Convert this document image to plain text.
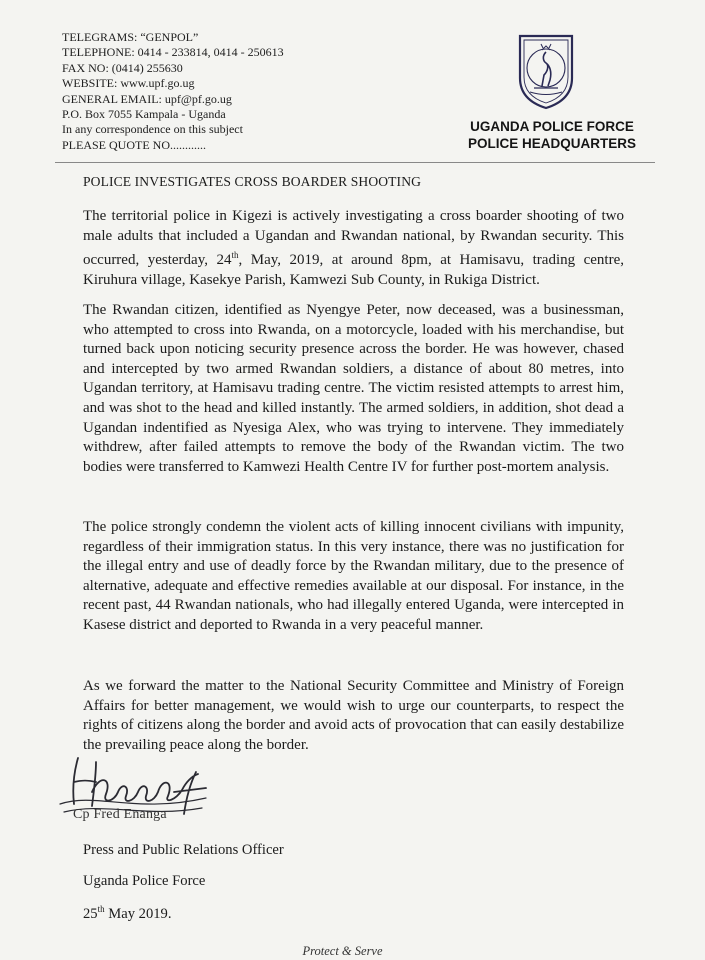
TELEGRAMS: “GENPOL”
TELEPHONE: 0414 - 233814, 0414 - 250613
FAX NO: (0414) 255630
WEBSITE: www.upf.go.ug
GENERAL EMAIL: upf@pf.go.ug
P.O. Box 7055 Kampala - Uganda
In any correspondence on this subject
PLEASE QUOTE NO............
UGANDA POLICE FORCE
POLICE HEADQUARTERS
POLICE INVESTIGATES CROSS BOARDER SHOOTING
The territorial police in Kigezi is actively investigating a cross boarder shooting of two male adults that included a Ugandan and Rwandan national, by Rwandan security. This occurred, yesterday, 24th, May, 2019, at around 8pm, at Hamisavu, trading centre, Kiruhura village, Kasekye Parish, Kamwezi Sub County, in Rukiga District.
The Rwandan citizen, identified as Nyengye Peter, now deceased, was a businessman, who attempted to cross into Rwanda, on a motorcycle, loaded with his merchandise, but turned back upon noticing security presence across the border. He was however, chased and intercepted by two armed Rwandan soldiers, a distance of about 80 metres, into Ugandan territory, at Hamisavu trading centre. The victim resisted attempts to arrest him, and was shot to the head and killed instantly. The armed soldiers, in addition, shot dead a Ugandan indentified as Nyesiga Alex, who was trying to intervene. They immediately withdrew, after failed attempts to remove the body of the Rwandan victim. The two bodies were transferred to Kamwezi Health Centre IV for further post-mortem analysis.
The police strongly condemn the violent acts of killing innocent civilians with impunity, regardless of their immigration status. In this very instance, there was no justification for the illegal entry and use of deadly force by the Rwandan military, due to the presence of alternative, adequate and effective remedies available at our disposal. For instance, in the recent past, 44 Rwandan nationals, who had illegally entered Uganda, were intercepted in Kasese district and deported to Rwanda in a very peaceful manner.
As we forward the matter to the National Security Committee and Ministry of Foreign Affairs for better management, we would wish to urge our counterparts, to respect the rights of citizens along the border and avoid acts of provocation that can easily destabilize the prevailing peace along the border.
Cp Fred Enanga
Press and Public Relations Officer
Uganda Police Force
25th May 2019.
Protect & Serve
